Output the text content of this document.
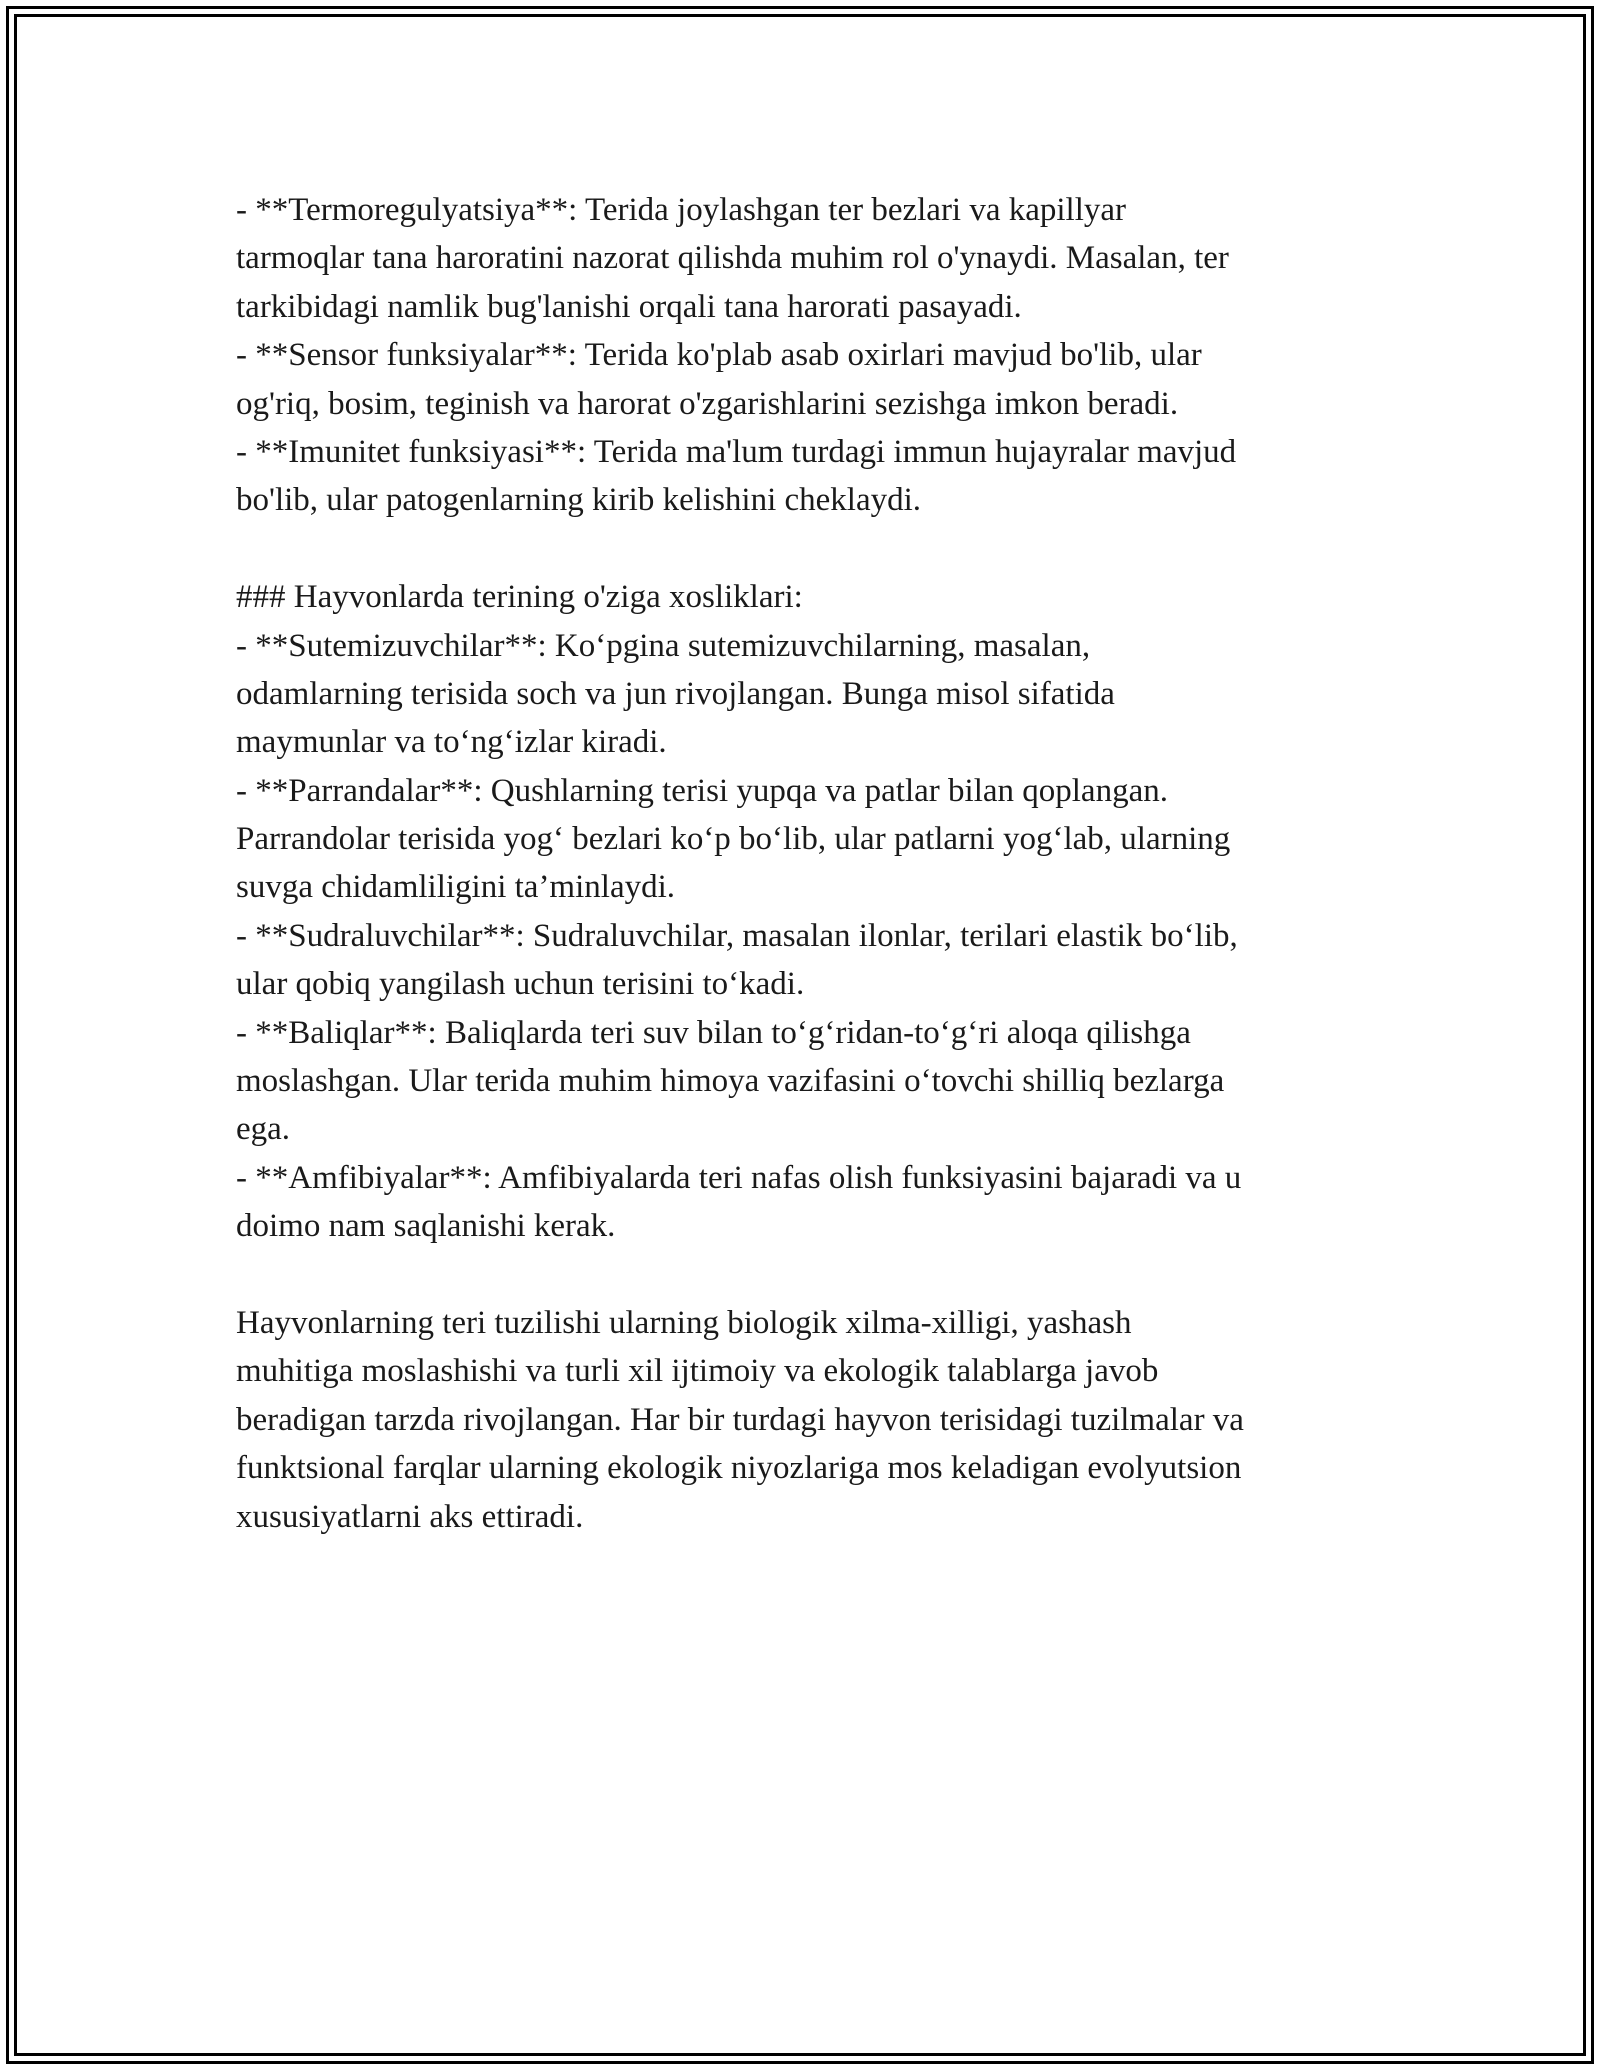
- **Termoregulyatsiya**: Terida joylashgan ter bezlari va kapillyar
tarmoqlar tana haroratini nazorat qilishda muhim rol o'ynaydi. Masalan, ter
tarkibidagi namlik bug'lanishi orqali tana harorati pasayadi.
- **Sensor funksiyalar**: Terida ko'plab asab oxirlari mavjud bo'lib, ular
og'riq, bosim, teginish va harorat o'zgarishlarini sezishga imkon beradi.
- **Imunitet funksiyasi**: Terida ma'lum turdagi immun hujayralar mavjud
bo'lib, ular patogenlarning kirib kelishini cheklaydi.
### Hayvonlarda terining o'ziga xosliklari:
- **Sutemizuvchilar**: Ko‘pgina sutemizuvchilarning, masalan,
odamlarning terisida soch va jun rivojlangan. Bunga misol sifatida
maymunlar va to‘ng‘izlar kiradi.
- **Parrandalar**: Qushlarning terisi yupqa va patlar bilan qoplangan.
Parrandolar terisida yog‘ bezlari ko‘p bo‘lib, ular patlarni yog‘lab, ularning
suvga chidamliligini ta’minlaydi.
- **Sudraluvchilar**: Sudraluvchilar, masalan ilonlar, terilari elastik bo‘lib,
ular qobiq yangilash uchun terisini to‘kadi.
- **Baliqlar**: Baliqlarda teri suv bilan to‘g‘ridan-to‘g‘ri aloqa qilishga
moslashgan. Ular terida muhim himoya vazifasini o‘tovchi shilliq bezlarga
ega.
- **Amfibiyalar**: Amfibiyalarda teri nafas olish funksiyasini bajaradi va u
doimo nam saqlanishi kerak.
Hayvonlarning teri tuzilishi ularning biologik xilma-xilligi, yashash
muhitiga moslashishi va turli xil ijtimoiy va ekologik talablarga javob
beradigan tarzda rivojlangan. Har bir turdagi hayvon terisidagi tuzilmalar va
funktsional farqlar ularning ekologik niyozlariga mos keladigan evolyutsion
xususiyatlarni aks ettiradi.
